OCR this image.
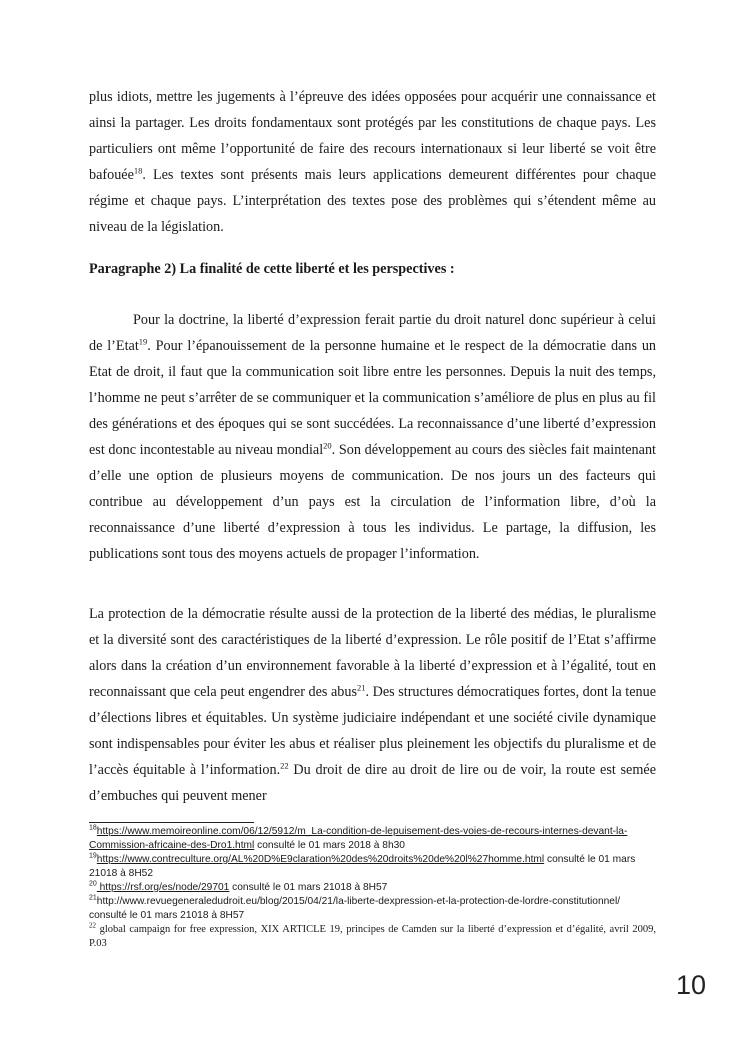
plus idiots, mettre les jugements à l’épreuve des idées opposées pour acquérir une connaissance et ainsi la partager. Les droits fondamentaux sont protégés par les constitutions de chaque pays. Les particuliers ont même l’opportunité de faire des recours internationaux si leur liberté se voit être bafouée$^{18}$. Les textes sont présents mais leurs applications demeurent différentes pour chaque régime et chaque pays. L’interprétation des textes pose des problèmes qui s’étendent même au niveau de la législation.

Paragraphe 2) La finalité de cette liberté et les perspectives :

Pour la doctrine, la liberté d’expression ferait partie du droit naturel donc supérieur à celui de l’Etat$^{19}$. Pour l’épanouissement de la personne humaine et le respect de la démocratie dans un Etat de droit, il faut que la communication soit libre entre les personnes. Depuis la nuit des temps, l’homme ne peut s’arrêter de se communiquer et la communication s’améliore de plus en plus au fil des générations et des époques qui se sont succédées. La reconnaissance d’une liberté d’expression est donc incontestable au niveau mondial$^{20}$. Son développement au cours des siècles fait maintenant d’elle une option de plusieurs moyens de communication. De nos jours un des facteurs qui contribue au développement d’un pays est la circulation de l’information libre, d’où la reconnaissance d’une liberté d’expression à tous les individus. Le partage, la diffusion, les publications sont tous des moyens actuels de propager l’information.

La protection de la démocratie résulte aussi de la protection de la liberté des médias, le pluralisme et la diversité sont des caractéristiques de la liberté d’expression. Le rôle positif de l’Etat s’affirme alors dans la création d’un environnement favorable à la liberté d’expression et à l’égalité, tout en reconnaissant que cela peut engendrer des abus$^{21}$. Des structures démocratiques fortes, dont la tenue d’élections libres et équitables. Un système judiciaire indépendant et une société civile dynamique sont indispensables pour éviter les abus et réaliser plus pleinement les objectifs du pluralisme et de l’accès équitable à l’information.$^{22}$ Du droit de dire au droit de lire ou de voir, la route est semée d’embuches qui peuvent mener

$^{18}$https://www.memoireonline.com/06/12/5912/m_La-condition-de-lepuisement-des-voies-de-recours-internes-devant-la-Commission-africaine-des-Dro1.html consulté le 01 mars 2018 à 8h30

$^{19}$https://www.contreculture.org/AL%20D%E9claration%20des%20droits%20de%20l%27homme.html consulté le 01 mars 21018 à 8H52

$^{20}$ https://rsf.org/es/node/29701 consulté le 01 mars 21018 à 8H57

$^{21}$http://www.revuegeneraledudroit.eu/blog/2015/04/21/la-liberte-dexpression-et-la-protection-de-lordre-constitutionnel/ consulté le 01 mars 21018 à 8H57

$^{22}$ global campaign for free expression, XIX ARTICLE 19, principes de Camden sur la liberté d’expression et d’égalité, avril 2009, P.03

10
